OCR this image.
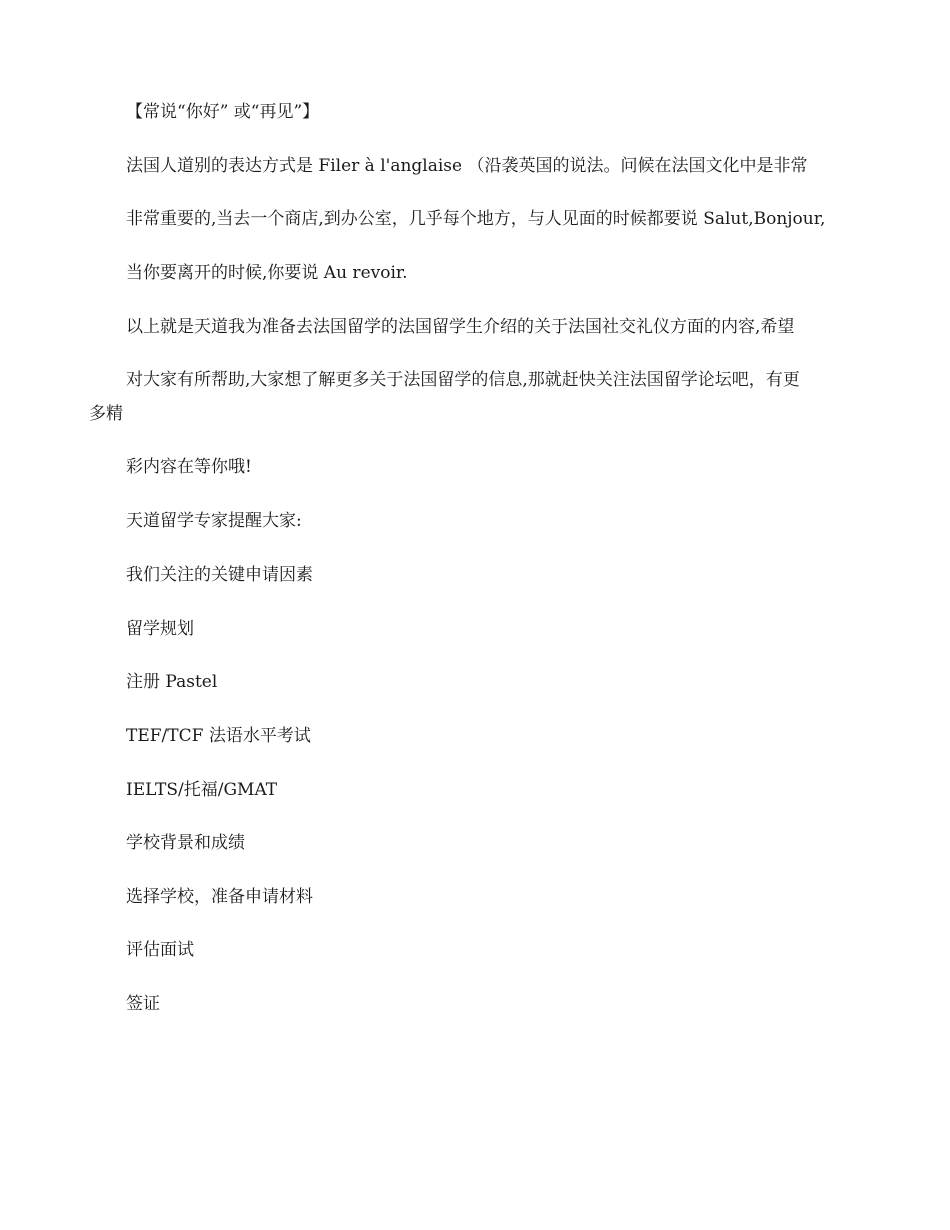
【常说“你好” 或“再见”】
法国人道别的表达方式是 Filer à l'anglaise （沿袭英国的说法。问候在法国文化中是非常
非常重要的,当去一个商店,到办公室，几乎每个地方，与人见面的时候都要说 Salut,Bonjour,
当你要离开的时候,你要说 Au revoir.
以上就是天道我为准备去法国留学的法国留学生介绍的关于法国社交礼仪方面的内容,希望
对大家有所帮助,大家想了解更多关于法国留学的信息,那就赶快关注法国留学论坛吧，有更
多精
彩内容在等你哦!
天道留学专家提醒大家:
我们关注的关键申请因素
留学规划
注册 Pastel
TEF/TCF 法语水平考试
IELTS/托福/GMAT
学校背景和成绩
选择学校，准备申请材料
评估面试
签证
